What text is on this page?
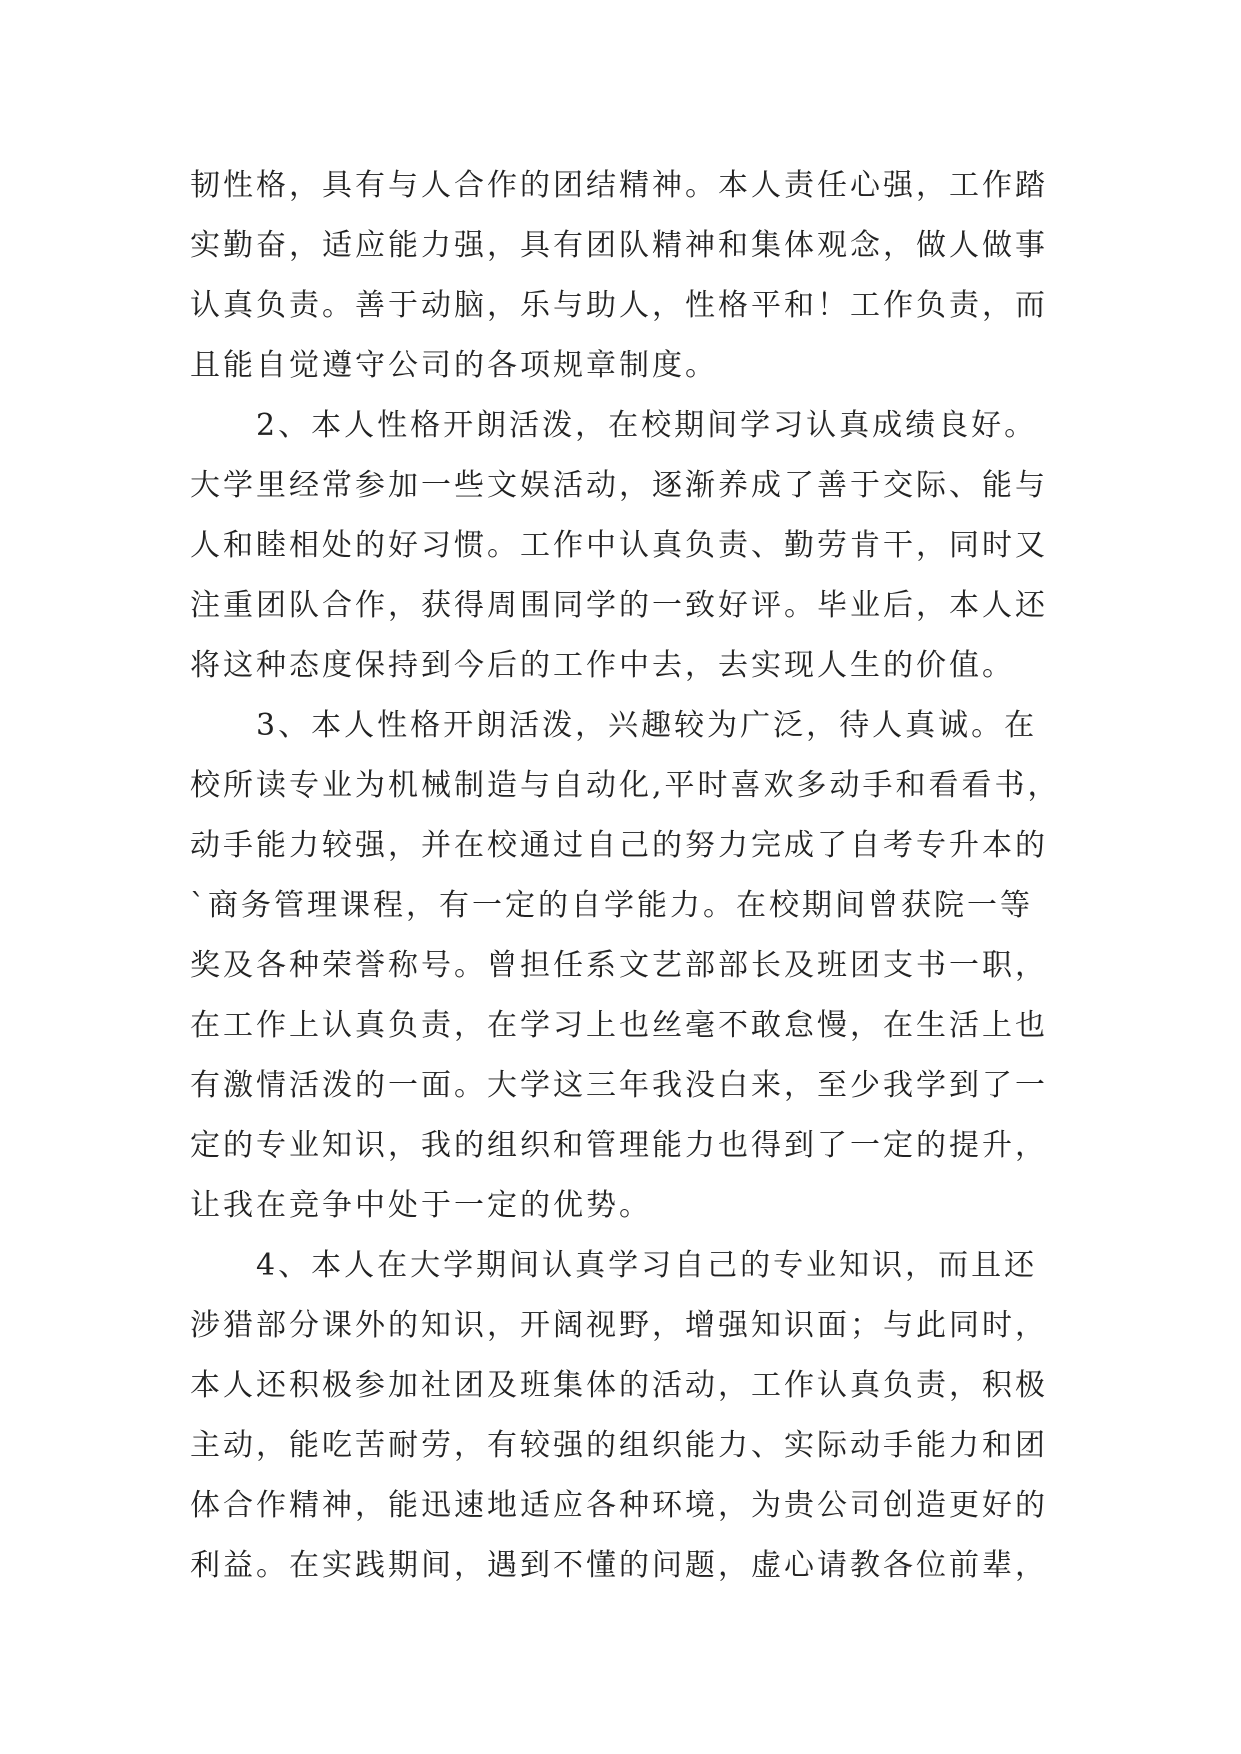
韧性格，具有与人合作的团结精神。本人责任心强，工作踏
实勤奋，适应能力强，具有团队精神和集体观念，做人做事
认真负责。善于动脑，乐与助人，性格平和！工作负责，而
且能自觉遵守公司的各项规章制度。

　　2、本人性格开朗活泼，在校期间学习认真成绩良好。
大学里经常参加一些文娱活动，逐渐养成了善于交际、能与
人和睦相处的好习惯。工作中认真负责、勤劳肯干，同时又
注重团队合作，获得周围同学的一致好评。毕业后，本人还
将这种态度保持到今后的工作中去，去实现人生的价值。

　　3、本人性格开朗活泼，兴趣较为广泛，待人真诚。在
校所读专业为机械制造与自动化,平时喜欢多动手和看看书，
动手能力较强，并在校通过自己的努力完成了自考专升本的
`商务管理课程，有一定的自学能力。在校期间曾获院一等
奖及各种荣誉称号。曾担任系文艺部部长及班团支书一职，
在工作上认真负责，在学习上也丝毫不敢怠慢，在生活上也
有激情活泼的一面。大学这三年我没白来，至少我学到了一
定的专业知识，我的组织和管理能力也得到了一定的提升，
让我在竞争中处于一定的优势。

　　4、本人在大学期间认真学习自己的专业知识，而且还
涉猎部分课外的知识，开阔视野，增强知识面；与此同时，
本人还积极参加社团及班集体的活动，工作认真负责，积极
主动，能吃苦耐劳，有较强的组织能力、实际动手能力和团
体合作精神，能迅速地适应各种环境，为贵公司创造更好的
利益。在实践期间，遇到不懂的问题，虚心请教各位前辈，
